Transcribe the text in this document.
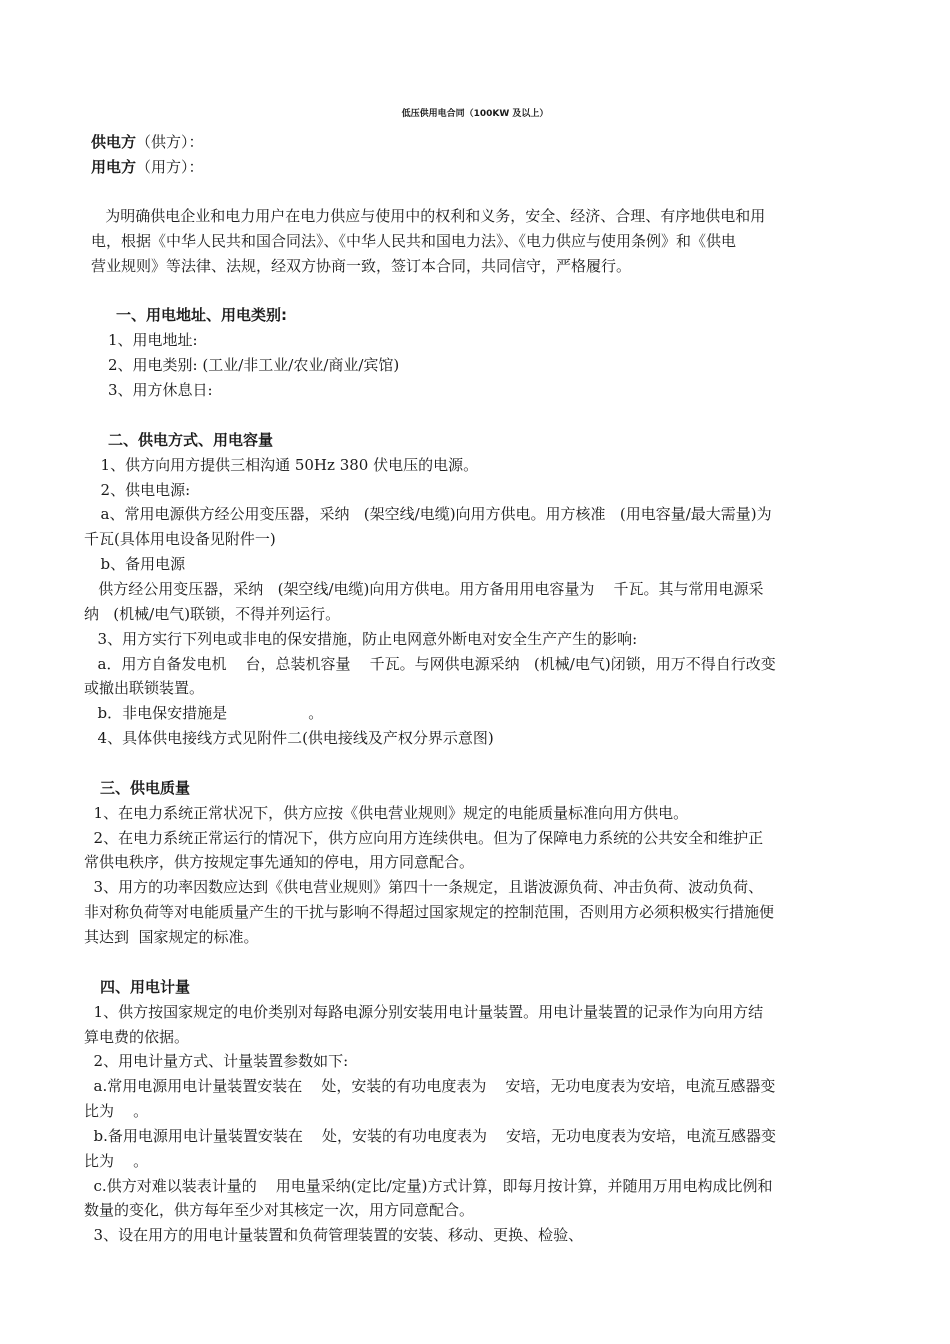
低压供用电合同（100KW 及以上）
供电方（供方）：
用电方（用方）：
为明确供电企业和电力用户在电力供应与使用中的权利和义务，安全、经济、合理、有序地供电和用
电，根据《中华人民共和国合同法》、《中华人民共和国电力法》、《电力供应与使用条例》和《供电
营业规则》等法律、法规，经双方协商一致，签订本合同，共同信守，严格履行。
一、用电地址、用电类别:
1、用电地址:
2、用电类别: (工业/非工业/农业/商业/宾馆)
3、用方休息日:
二、供电方式、用电容量
1、供方向用方提供三相沟通 50Hz 380 伏电压的电源。
2、供电电源:
a、常用电源供方经公用变压器，采纳   (架空线/电缆)向用方供电。用方核准   (用电容量/最大需量)为
千瓦(具体用电设备见附件一)
b、备用电源
供方经公用变压器，采纳   (架空线/电缆)向用方供电。用方备用用电容量为    千瓦。其与常用电源采
纳   (机械/电气)联锁，不得并列运行。
3、用方实行下列电或非电的保安措施，防止电网意外断电对安全生产产生的影响:
a．用方自备发电机    台，总装机容量    千瓦。与网供电源采纳   (机械/电气)闭锁，用万不得自行改变
或撤出联锁装置。
b．非电保安措施是                 。
4、具体供电接线方式见附件二(供电接线及产权分界示意图)
三、供电质量
1、在电力系统正常状况下，供方应按《供电营业规则》规定的电能质量标准向用方供电。
2、在电力系统正常运行的情况下，供方应向用方连续供电。但为了保障电力系统的公共安全和维护正
常供电秩序，供方按规定事先通知的停电，用方同意配合。
3、用方的功率因数应达到《供电营业规则》第四十一条规定，且谐波源负荷、冲击负荷、波动负荷、
非对称负荷等对电能质量产生的干扰与影响不得超过国家规定的控制范围，否则用方必须积极实行措施便
其达到  国家规定的标准。
四、用电计量
1、供方按国家规定的电价类别对每路电源分别安装用电计量装置。用电计量装置的记录作为向用方结
算电费的依据。
2、用电计量方式、计量装置参数如下:
a.常用电源用电计量装置安装在    处，安装的有功电度表为    安培，无功电度表为安培，电流互感器变
比为    。
b.备用电源用电计量装置安装在    处，安装的有功电度表为    安培，无功电度表为安培，电流互感器变
比为    。
c.供方对难以装表计量的    用电量采纳(定比/定量)方式计算，即每月按计算，并随用万用电构成比例和
数量的变化，供方每年至少对其核定一次，用方同意配合。
3、设在用方的用电计量装置和负荷管理装置的安装、移动、更换、检验、
